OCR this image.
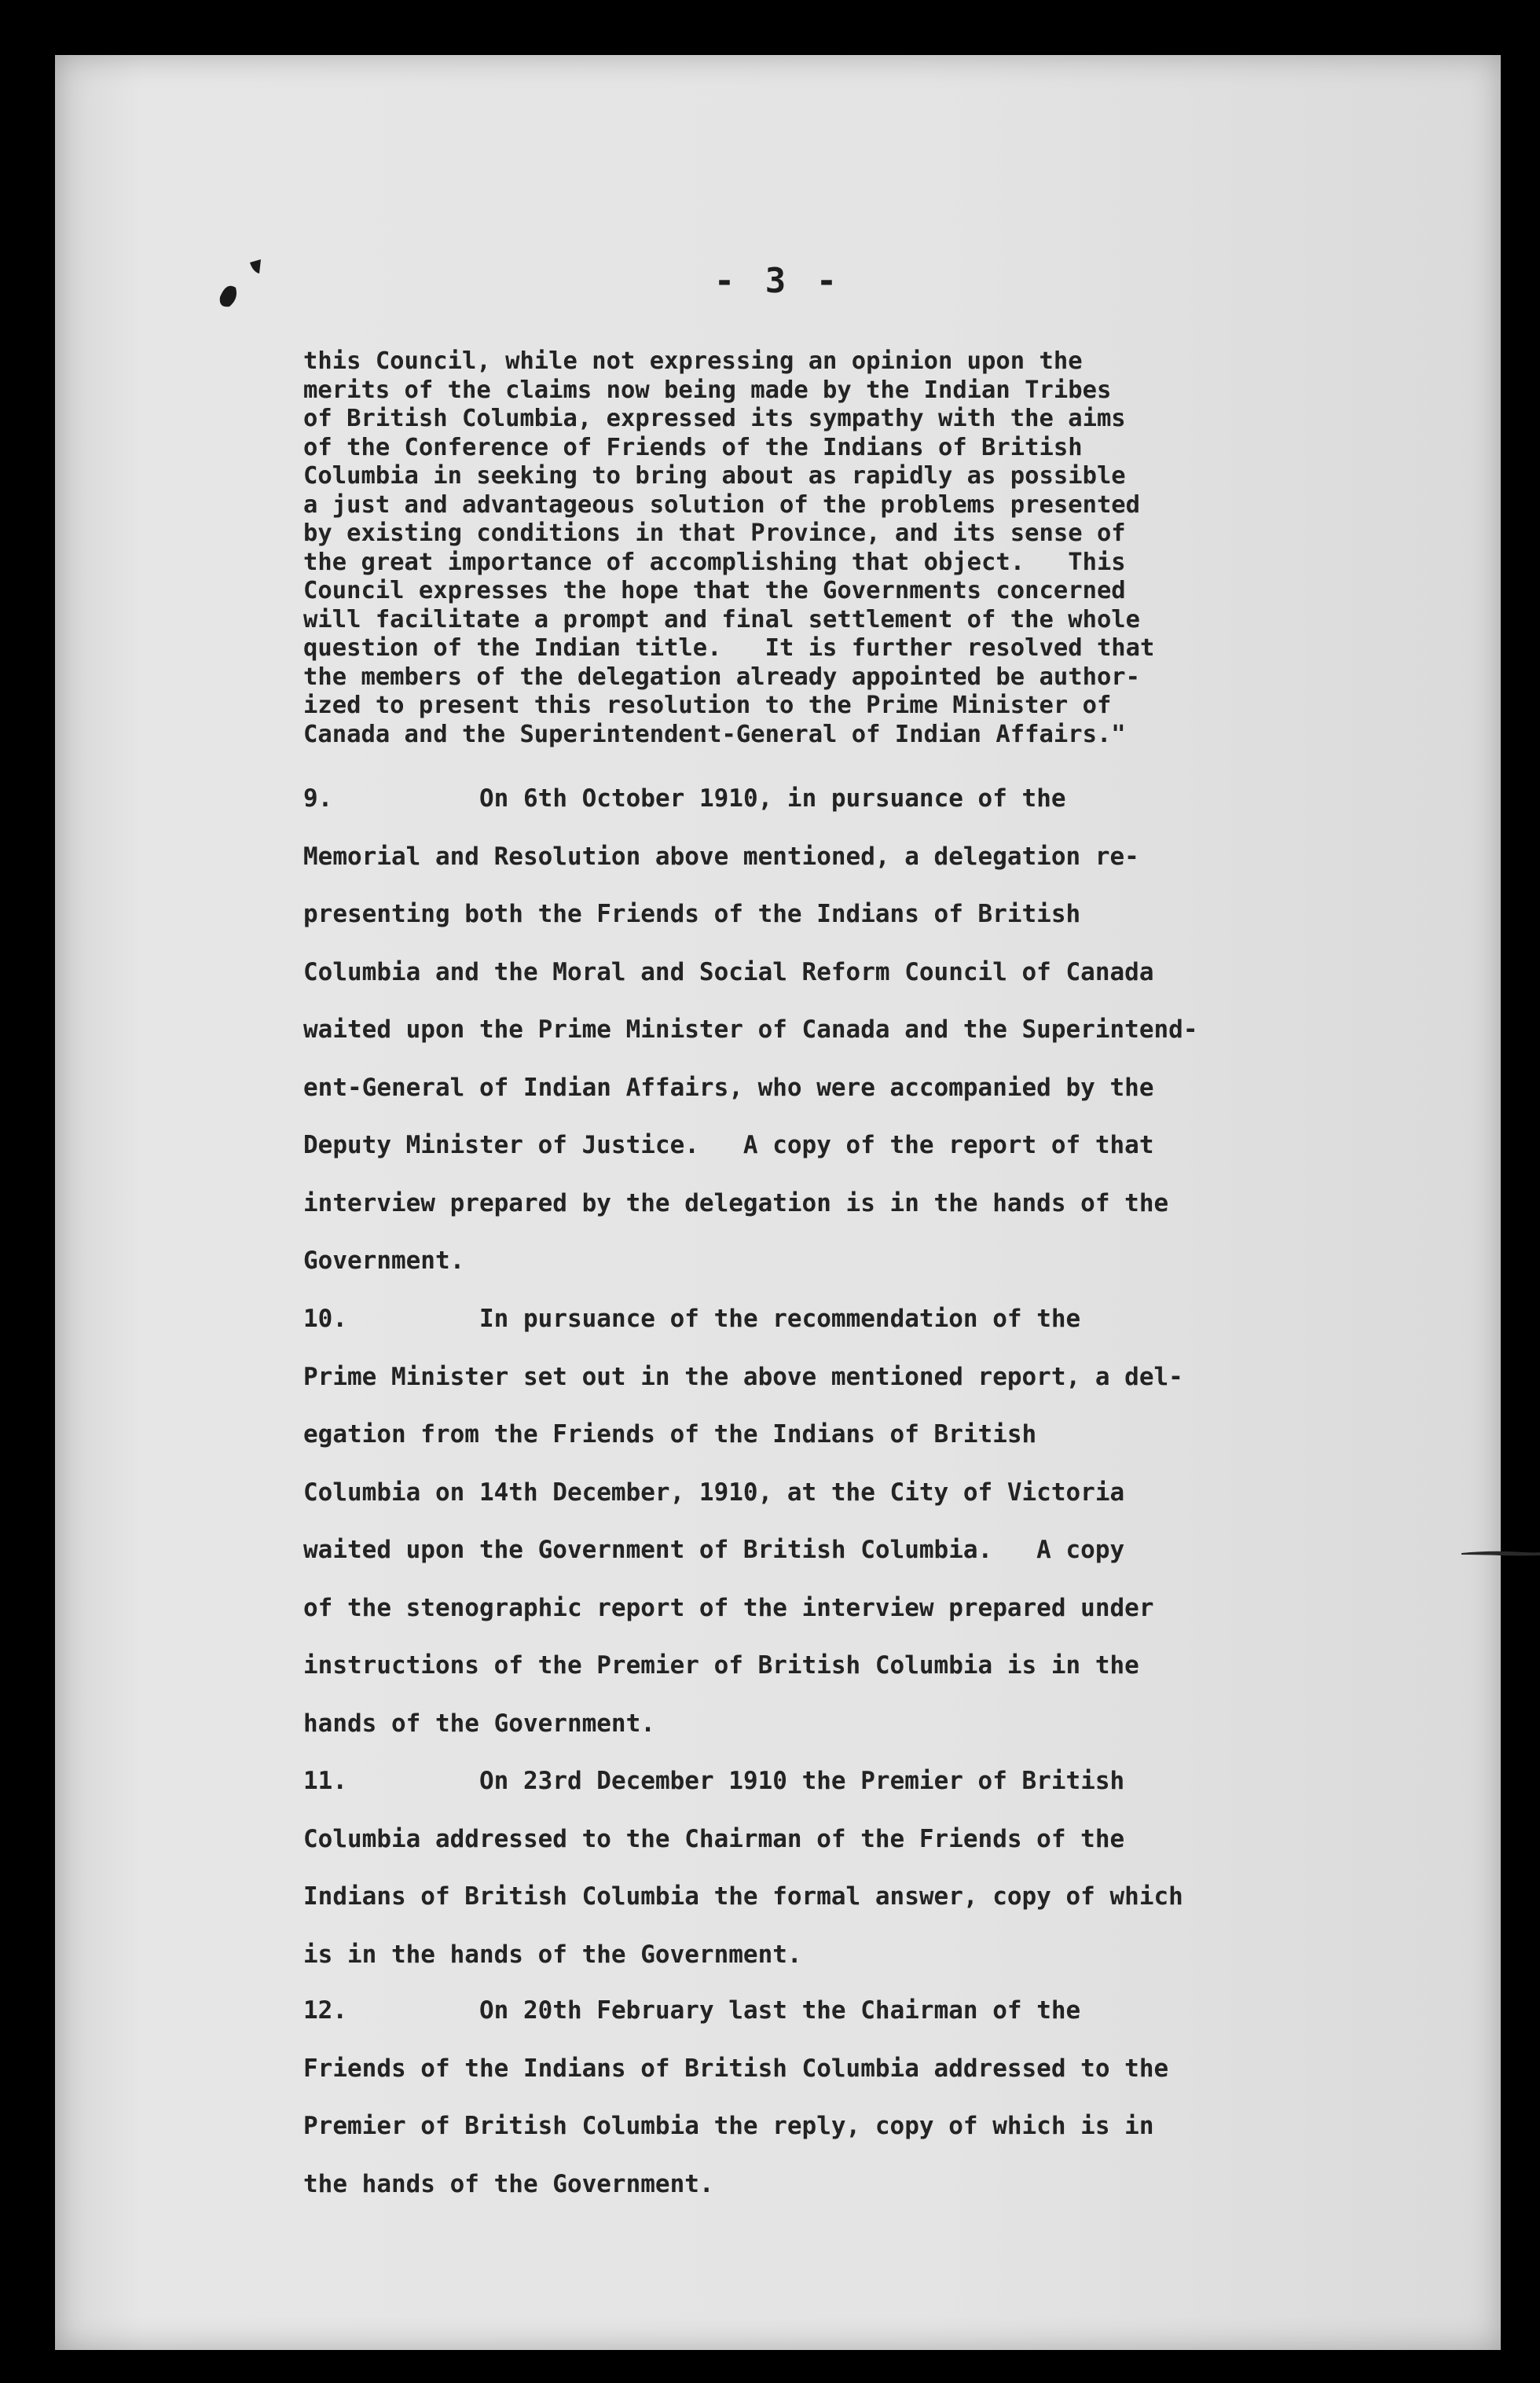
- 3 -
this Council, while not expressing an opinion upon the
merits of the claims now being made by the Indian Tribes
of British Columbia, expressed its sympathy with the aims
of the Conference of Friends of the Indians of British
Columbia in seeking to bring about as rapidly as possible
a just and advantageous solution of the problems presented
by existing conditions in that Province, and its sense of
the great importance of accomplishing that object.   This
Council expresses the hope that the Governments concerned
will facilitate a prompt and final settlement of the whole
question of the Indian title.   It is further resolved that
the members of the delegation already appointed be author-
ized to present this resolution to the Prime Minister of
Canada and the Superintendent-General of Indian Affairs."
9.	On 6th October 1910, in pursuance of the
Memorial and Resolution above mentioned, a delegation re-
presenting both the Friends of the Indians of British
Columbia and the Moral and Social Reform Council of Canada
waited upon the Prime Minister of Canada and the Superintend-
ent-General of Indian Affairs, who were accompanied by the
Deputy Minister of Justice.   A copy of the report of that
interview prepared by the delegation is in the hands of the
Government.
10.	In pursuance of the recommendation of the
Prime Minister set out in the above mentioned report, a del-
egation from the Friends of the Indians of British
Columbia on 14th December, 1910, at the City of Victoria
waited upon the Government of British Columbia.   A copy
of the stenographic report of the interview prepared under
instructions of the Premier of British Columbia is in the
hands of the Government.
11.	On 23rd December 1910 the Premier of British
Columbia addressed to the Chairman of the Friends of the
Indians of British Columbia the formal answer, copy of which
is in the hands of the Government.
12.	On 20th February last the Chairman of the
Friends of the Indians of British Columbia addressed to the
Premier of British Columbia the reply, copy of which is in
the hands of the Government.
